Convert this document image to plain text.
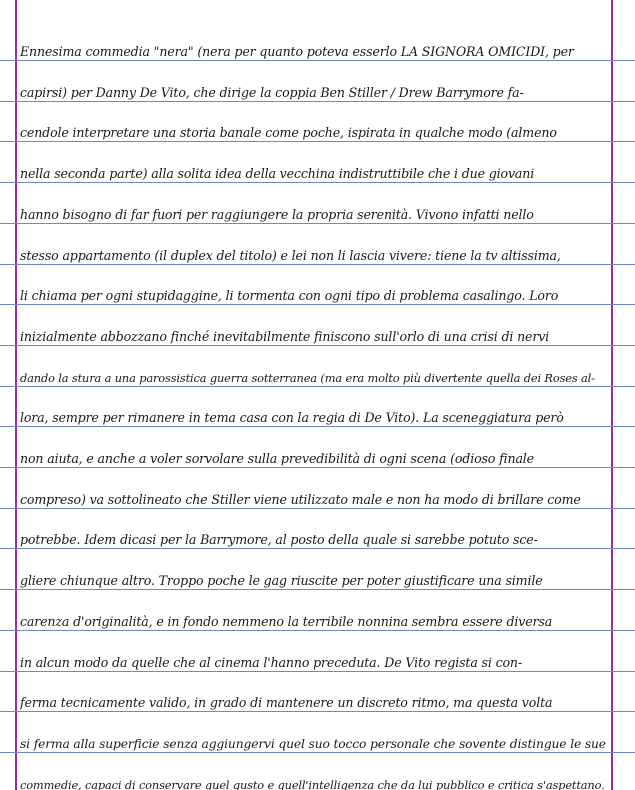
Ennesima commedia "nera" (nera per quanto poteva esserlo LA SIGNORA OMICIDI, per
capirsi) per Danny De Vito, che dirige la coppia Ben Stiller / Drew Barrymore fa-
cendole interpretare una storia banale come poche, ispirata in qualche modo (almeno
nella seconda parte) alla solita idea della vecchina indistruttibile che i due giovani
hanno bisogno di far fuori per raggiungere la propria serenità. Vivono infatti nello
stesso appartamento (il duplex del titolo) e lei non li lascia vivere: tiene la tv altissima,
li chiama per ogni stupidaggine, li tormenta con ogni tipo di problema casalingo. Loro
inizialmente abbozzano finché inevitabilmente finiscono sull'orlo di una crisi di nervi
dando la stura a una parossistica guerra sotterranea (ma era molto più divertente quella dei Roses al-
lora, sempre per rimanere in tema casa con la regia di De Vito). La sceneggiatura però
non aiuta, e anche a voler sorvolare sulla prevedibilità di ogni scena (odioso finale
compreso) va sottolineato che Stiller viene utilizzato male e non ha modo di brillare come
potrebbe. Idem dicasi per la Barrymore, al posto della quale si sarebbe potuto sce-
gliere chiunque altro. Troppo poche le gag riuscite per poter giustificare una simile
carenza d'originalità, e in fondo nemmeno la terribile nonnina sembra essere diversa
in alcun modo da quelle che al cinema l'hanno preceduta. De Vito regista si con-
ferma tecnicamente valido, in grado di mantenere un discreto ritmo, ma questa volta
si ferma alla superficie senza aggiungervi quel suo tocco personale che sovente distingue le sue
commedie, capaci di conservare quel gusto e quell'intelligenza che da lui pubblico e critica s'aspettano.
